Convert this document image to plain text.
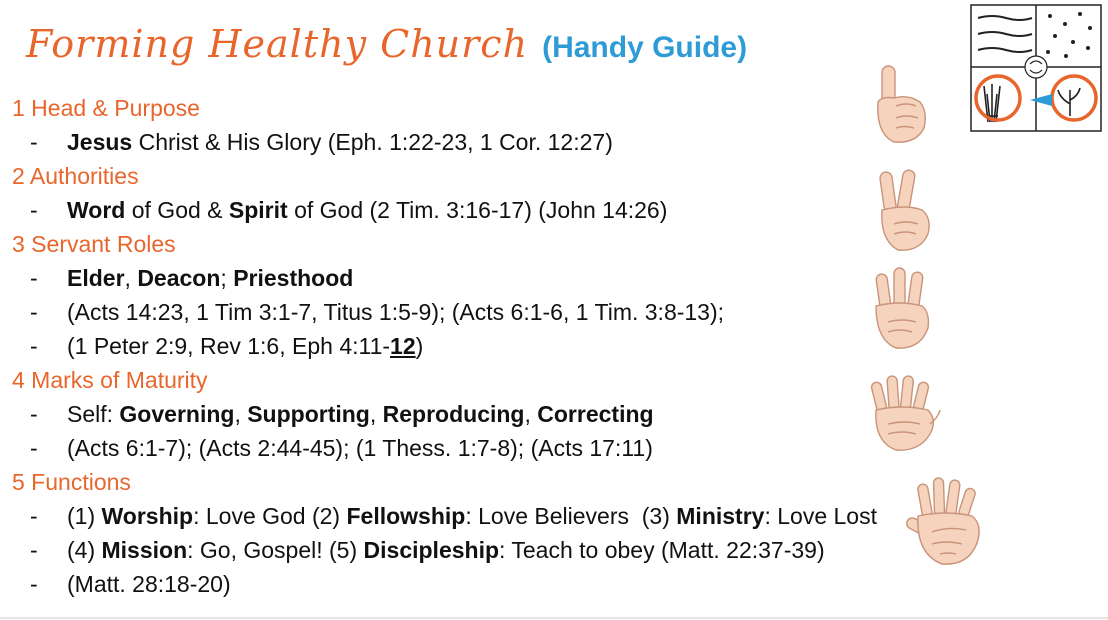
Forming Healthy Church (Handy Guide)
1 Head & Purpose
- Jesus Christ & His Glory (Eph. 1:22-23, 1 Cor. 12:27)
2 Authorities
- Word of God & Spirit of God (2 Tim. 3:16-17) (John 14:26)
3 Servant Roles
- Elder, Deacon; Priesthood
- (Acts 14:23, 1 Tim 3:1-7, Titus 1:5-9); (Acts 6:1-6, 1 Tim. 3:8-13);
- (1 Peter 2:9, Rev 1:6, Eph 4:11-12)
4 Marks of Maturity
- Self: Governing, Supporting, Reproducing, Correcting
- (Acts 6:1-7); (Acts 2:44-45); (1 Thess. 1:7-8); (Acts 17:11)
5 Functions
- (1) Worship: Love God (2) Fellowship: Love Believers  (3) Ministry: Love Lost
- (4) Mission: Go, Gospel! (5) Discipleship: Teach to obey (Matt. 22:37-39)
- (Matt. 28:18-20)
